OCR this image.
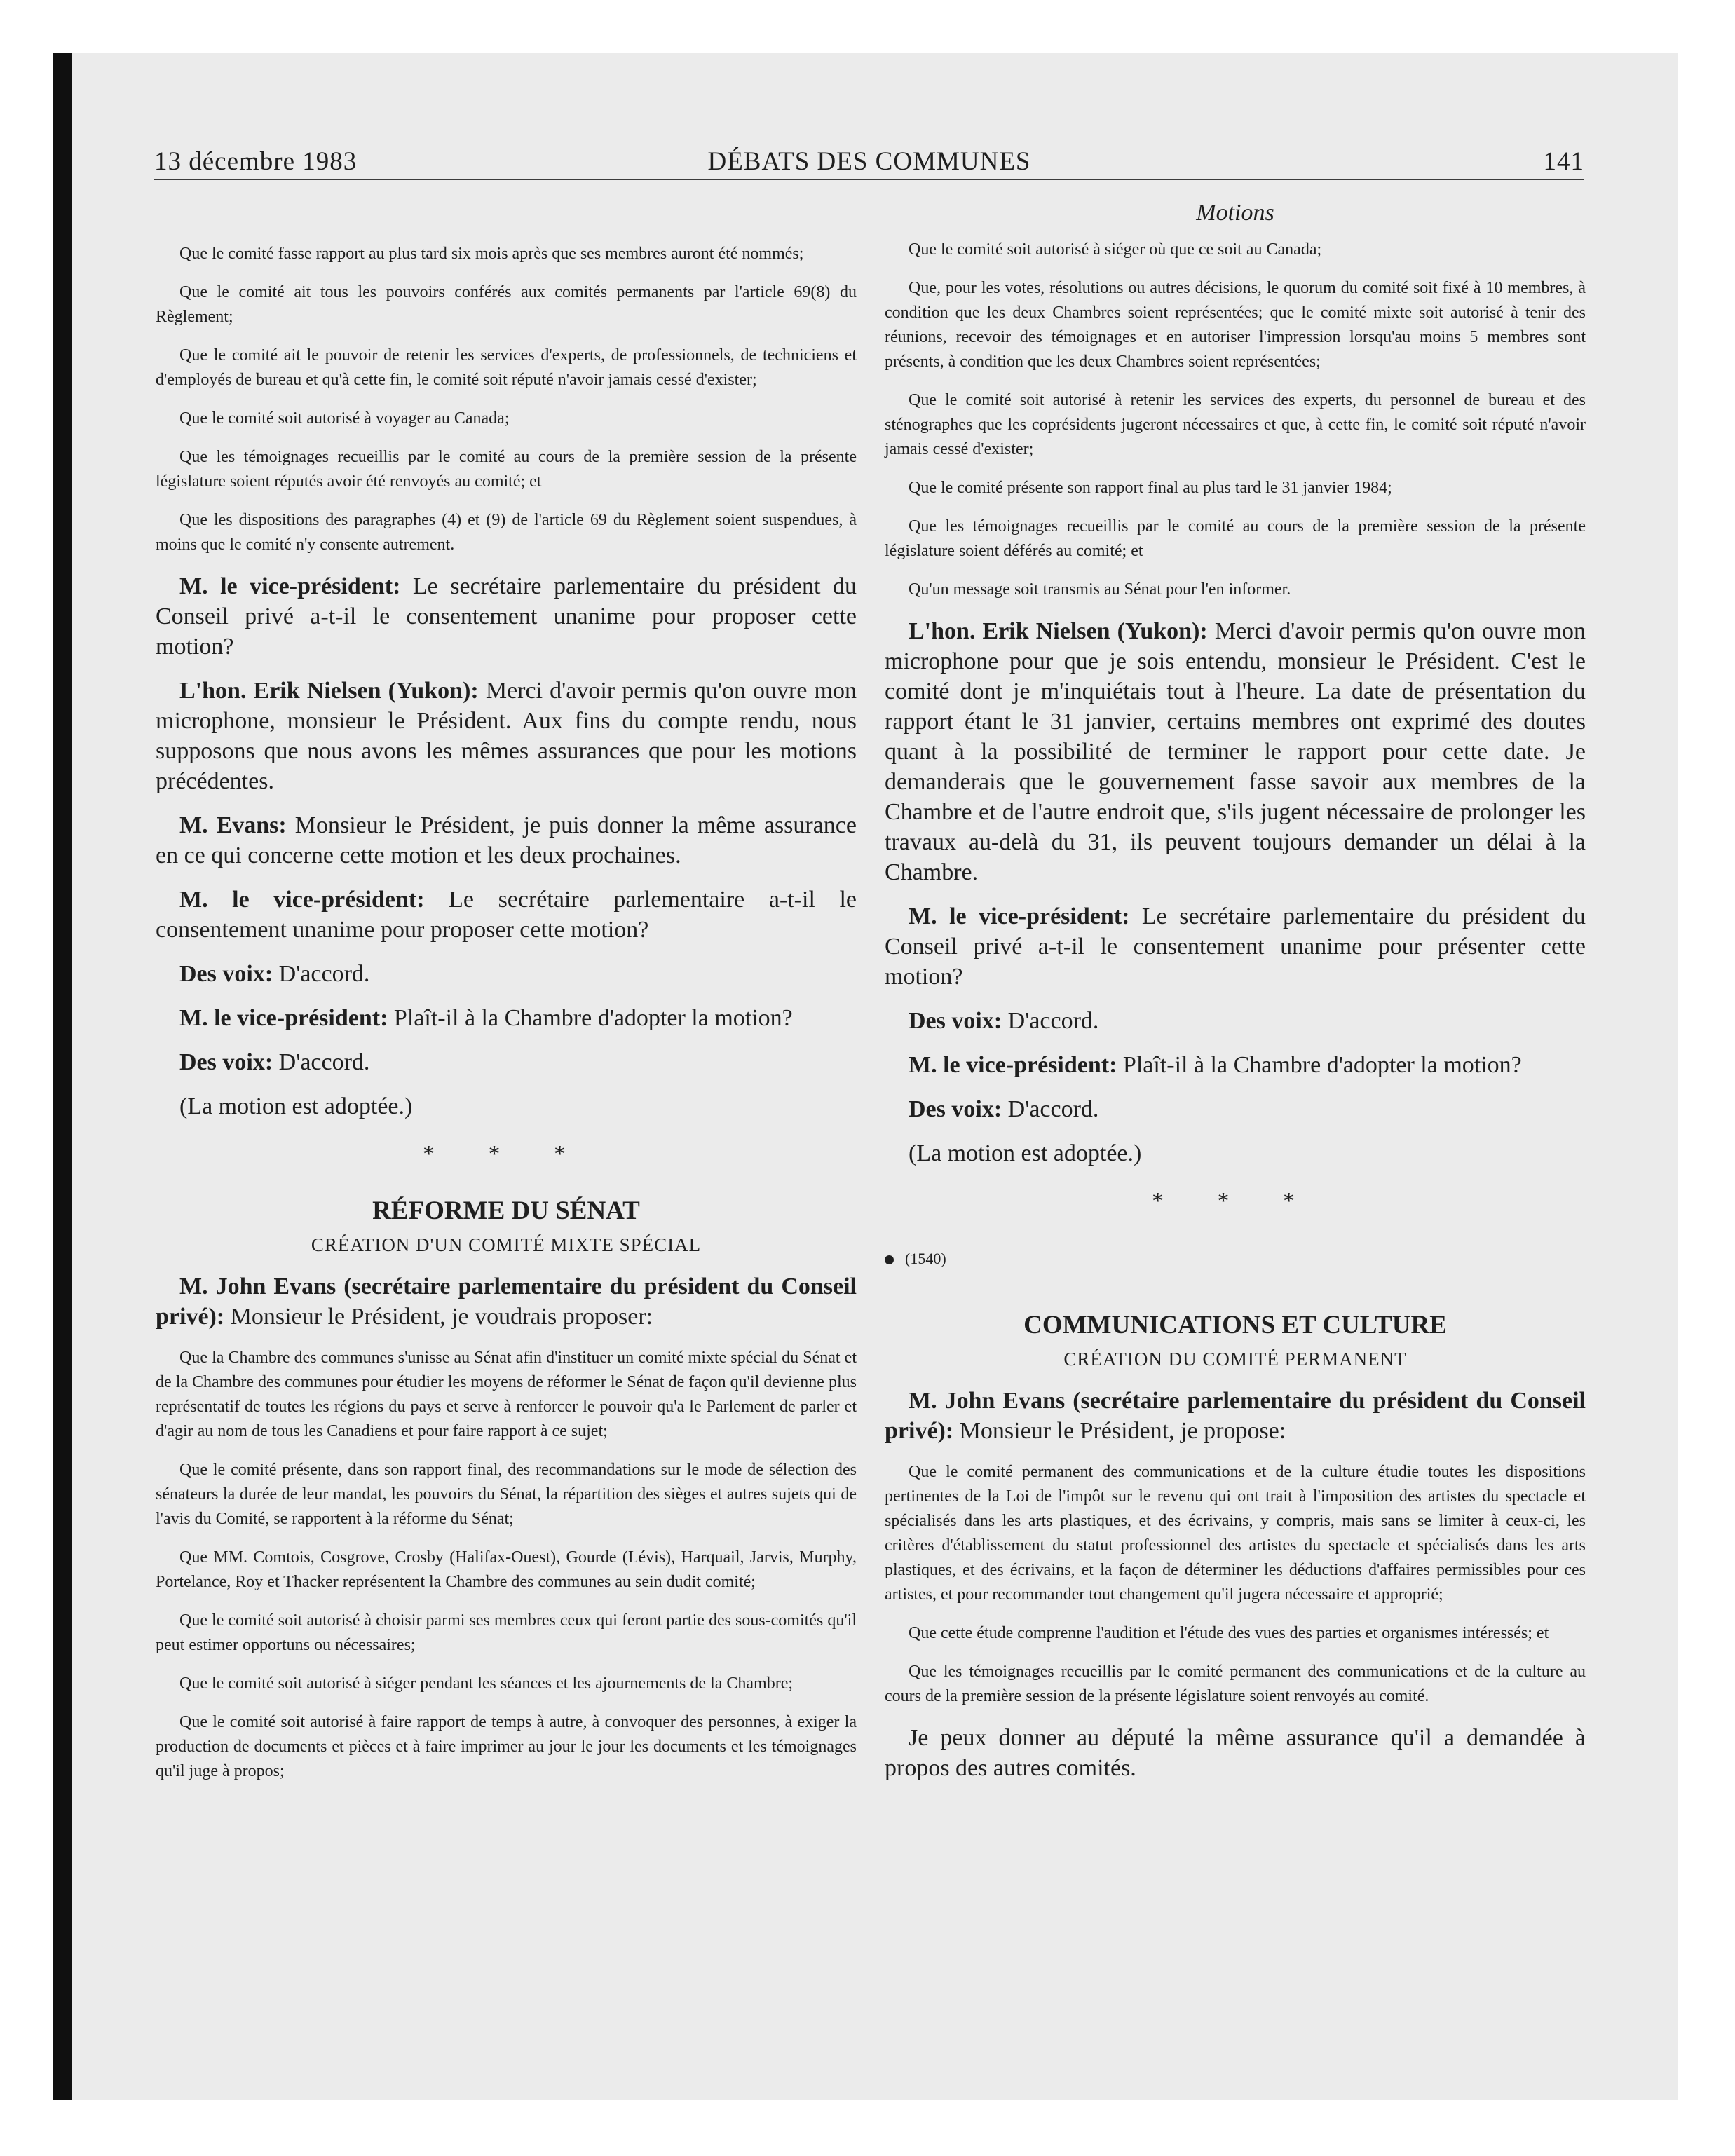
13 décembre 1983	DÉBATS DES COMMUNES	141

Que le comité fasse rapport au plus tard six mois après que ses membres auront été nommés;

Que le comité ait tous les pouvoirs conférés aux comités permanents par l'article 69(8) du Règlement;

Que le comité ait le pouvoir de retenir les services d'experts, de professionnels, de techniciens et d'employés de bureau et qu'à cette fin, le comité soit réputé n'avoir jamais cessé d'exister;

Que le comité soit autorisé à voyager au Canada;

Que les témoignages recueillis par le comité au cours de la première session de la présente législature soient réputés avoir été renvoyés au comité; et

Que les dispositions des paragraphes (4) et (9) de l'article 69 du Règlement soient suspendues, à moins que le comité n'y consente autrement.

M. le vice-président: Le secrétaire parlementaire du président du Conseil privé a-t-il le consentement unanime pour proposer cette motion?

L'hon. Erik Nielsen (Yukon): Merci d'avoir permis qu'on ouvre mon microphone, monsieur le Président. Aux fins du compte rendu, nous supposons que nous avons les mêmes assurances que pour les motions précédentes.

M. Evans: Monsieur le Président, je puis donner la même assurance en ce qui concerne cette motion et les deux prochaines.

M. le vice-président: Le secrétaire parlementaire a-t-il le consentement unanime pour proposer cette motion?

Des voix: D'accord.

M. le vice-président: Plaît-il à la Chambre d'adopter la motion?

Des voix: D'accord.

(La motion est adoptée.)

* * *
RÉFORME DU SÉNAT
CRÉATION D'UN COMITÉ MIXTE SPÉCIAL

M. John Evans (secrétaire parlementaire du président du Conseil privé): Monsieur le Président, je voudrais proposer:

Que la Chambre des communes s'unisse au Sénat afin d'instituer un comité mixte spécial du Sénat et de la Chambre des communes pour étudier les moyens de réformer le Sénat de façon qu'il devienne plus représentatif de toutes les régions du pays et serve à renforcer le pouvoir qu'a le Parlement de parler et d'agir au nom de tous les Canadiens et pour faire rapport à ce sujet;

Que le comité présente, dans son rapport final, des recommandations sur le mode de sélection des sénateurs la durée de leur mandat, les pouvoirs du Sénat, la répartition des sièges et autres sujets qui de l'avis du Comité, se rapportent à la réforme du Sénat;

Que MM. Comtois, Cosgrove, Crosby (Halifax-Ouest), Gourde (Lévis), Harquail, Jarvis, Murphy, Portelance, Roy et Thacker représentent la Chambre des communes au sein dudit comité;

Que le comité soit autorisé à choisir parmi ses membres ceux qui feront partie des sous-comités qu'il peut estimer opportuns ou nécessaires;

Que le comité soit autorisé à siéger pendant les séances et les ajournements de la Chambre;

Que le comité soit autorisé à faire rapport de temps à autre, à convoquer des personnes, à exiger la production de documents et pièces et à faire imprimer au jour le jour les documents et les témoignages qu'il juge à propos;

Motions

Que le comité soit autorisé à siéger où que ce soit au Canada;

Que, pour les votes, résolutions ou autres décisions, le quorum du comité soit fixé à 10 membres, à condition que les deux Chambres soient représentées; que le comité mixte soit autorisé à tenir des réunions, recevoir des témoignages et en autoriser l'impression lorsqu'au moins 5 membres sont présents, à condition que les deux Chambres soient représentées;

Que le comité soit autorisé à retenir les services des experts, du personnel de bureau et des sténographes que les coprésidents jugeront nécessaires et que, à cette fin, le comité soit réputé n'avoir jamais cessé d'exister;

Que le comité présente son rapport final au plus tard le 31 janvier 1984;

Que les témoignages recueillis par le comité au cours de la première session de la présente législature soient déférés au comité; et

Qu'un message soit transmis au Sénat pour l'en informer.

L'hon. Erik Nielsen (Yukon): Merci d'avoir permis qu'on ouvre mon microphone pour que je sois entendu, monsieur le Président. C'est le comité dont je m'inquiétais tout à l'heure. La date de présentation du rapport étant le 31 janvier, certains membres ont exprimé des doutes quant à la possibilité de terminer le rapport pour cette date. Je demanderais que le gouvernement fasse savoir aux membres de la Chambre et de l'autre endroit que, s'ils jugent nécessaire de prolonger les travaux au-delà du 31, ils peuvent toujours demander un délai à la Chambre.

M. le vice-président: Le secrétaire parlementaire du président du Conseil privé a-t-il le consentement unanime pour présenter cette motion?

Des voix: D'accord.

M. le vice-président: Plaît-il à la Chambre d'adopter la motion?

Des voix: D'accord.

(La motion est adoptée.)

* * *
(1540)
COMMUNICATIONS ET CULTURE
CRÉATION DU COMITÉ PERMANENT

M. John Evans (secrétaire parlementaire du président du Conseil privé): Monsieur le Président, je propose:

Que le comité permanent des communications et de la culture étudie toutes les dispositions pertinentes de la Loi de l'impôt sur le revenu qui ont trait à l'imposition des artistes du spectacle et spécialisés dans les arts plastiques, et des écrivains, y compris, mais sans se limiter à ceux-ci, les critères d'établissement du statut professionnel des artistes du spectacle et spécialisés dans les arts plastiques, et des écrivains, et la façon de déterminer les déductions d'affaires permissibles pour ces artistes, et pour recommander tout changement qu'il jugera nécessaire et approprié;

Que cette étude comprenne l'audition et l'étude des vues des parties et organismes intéressés; et

Que les témoignages recueillis par le comité permanent des communications et de la culture au cours de la première session de la présente législature soient renvoyés au comité.

Je peux donner au député la même assurance qu'il a demandée à propos des autres comités.
